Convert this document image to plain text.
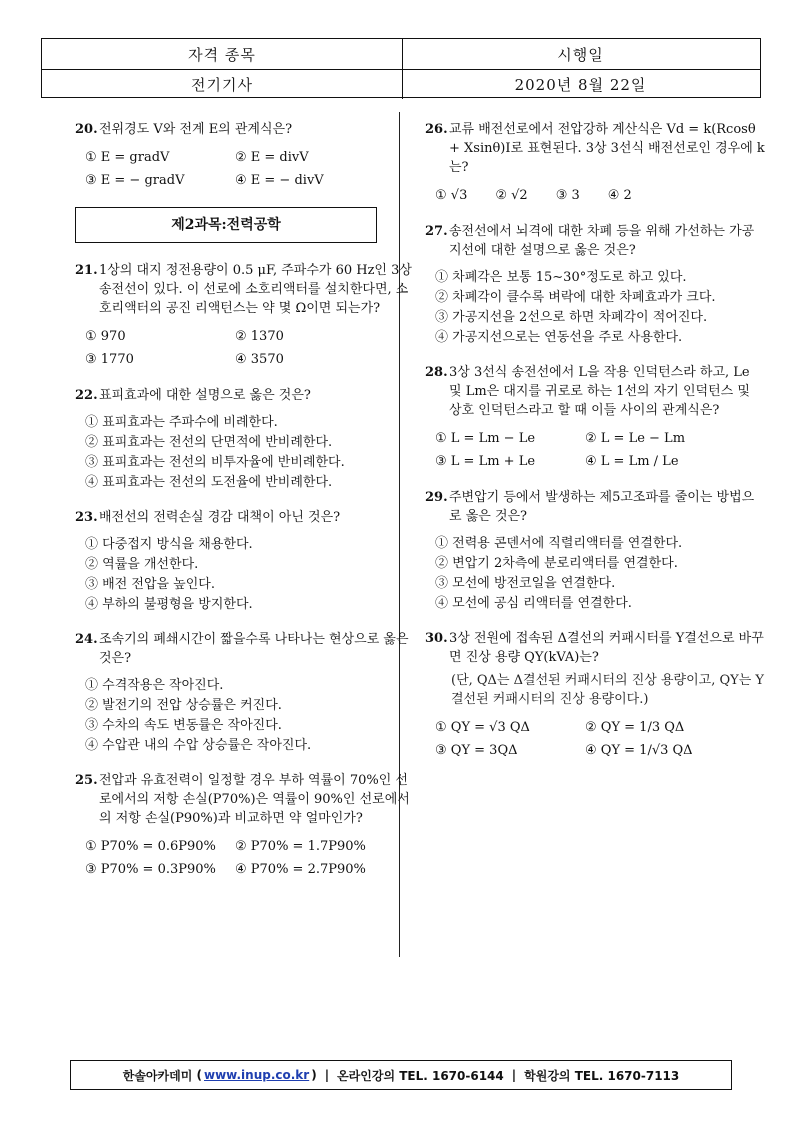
자격 종목	시행일
전기기사	2020년 8월 22일
20. 전위경도 V와 전계 E의 관계식은?
① E = gradV	② E = divV
③ E = − gradV	④ E = − divV
제2과목:전력공학
21. 1상의 대지 정전용량이 0.5 μF, 주파수가 60 Hz인 3상 송전선이 있다. 이 선로에 소호리액터를 설치한다면, 소호리액터의 공진 리액턴스는 약 몇 Ω이면 되는가?
① 970	② 1370
③ 1770	④ 3570
22. 표피효과에 대한 설명으로 옳은 것은?
① 표피효과는 주파수에 비례한다.
② 표피효과는 전선의 단면적에 반비례한다.
③ 표피효과는 전선의 비투자율에 반비례한다.
④ 표피효과는 전선의 도전율에 반비례한다.
23. 배전선의 전력손실 경감 대책이 아닌 것은?
① 다중접지 방식을 채용한다.
② 역률을 개선한다.
③ 배전 전압을 높인다.
④ 부하의 불평형을 방지한다.
24. 조속기의 폐쇄시간이 짧을수록 나타나는 현상으로 옳은 것은?
① 수격작용은 작아진다.
② 발전기의 전압 상승률은 커진다.
③ 수차의 속도 변동률은 작아진다.
④ 수압관 내의 수압 상승률은 작아진다.
25. 전압과 유효전력이 일정할 경우 부하 역률이 70%인 선로에서의 저항 손실(P70%)은 역률이 90%인 선로에서의 저항 손실(P90%)과 비교하면 약 얼마인가?
① P70% = 0.6P90%	② P70% = 1.7P90%
③ P70% = 0.3P90%	④ P70% = 2.7P90%
26. 교류 배전선로에서 전압강하 계산식은 Vd = k(Rcosθ + Xsinθ)I로 표현된다. 3상 3선식 배전선로인 경우에 k는?
① √3 ② √2 ③ 3 ④ 2
27. 송전선에서 뇌격에 대한 차폐 등을 위해 가선하는 가공지선에 대한 설명으로 옳은 것은?
① 차폐각은 보통 15∼30°정도로 하고 있다.
② 차폐각이 클수록 벼락에 대한 차폐효과가 크다.
③ 가공지선을 2선으로 하면 차폐각이 적어진다.
④ 가공지선으로는 연동선을 주로 사용한다.
28. 3상 3선식 송전선에서 L을 작용 인덕턴스라 하고, Le 및 Lm은 대지를 귀로로 하는 1선의 자기 인덕턴스 및 상호 인덕턴스라고 할 때 이들 사이의 관계식은?
① L = Lm − Le	② L = Le − Lm
③ L = Lm + Le	④ L = Lm / Le
29. 주변압기 등에서 발생하는 제5고조파를 줄이는 방법으로 옳은 것은?
① 전력용 콘덴서에 직렬리액터를 연결한다.
② 변압기 2차측에 분로리액터를 연결한다.
③ 모선에 방전코일을 연결한다.
④ 모선에 공심 리액터를 연결한다.
30. 3상 전원에 접속된 Δ결선의 커패시터를 Y결선으로 바꾸면 진상 용량 QY(kVA)는?
(단, QΔ는 Δ결선된 커패시터의 진상 용량이고, QY는 Y결선된 커패시터의 진상 용량이다.)
① QY = √3 QΔ	② QY = 1/3 QΔ
③ QY = 3QΔ	④ QY = 1/√3 QΔ
한솔아카데미 ( www.inup.co.kr ) | 온라인강의 TEL. 1670-6144 | 학원강의 TEL. 1670-7113
